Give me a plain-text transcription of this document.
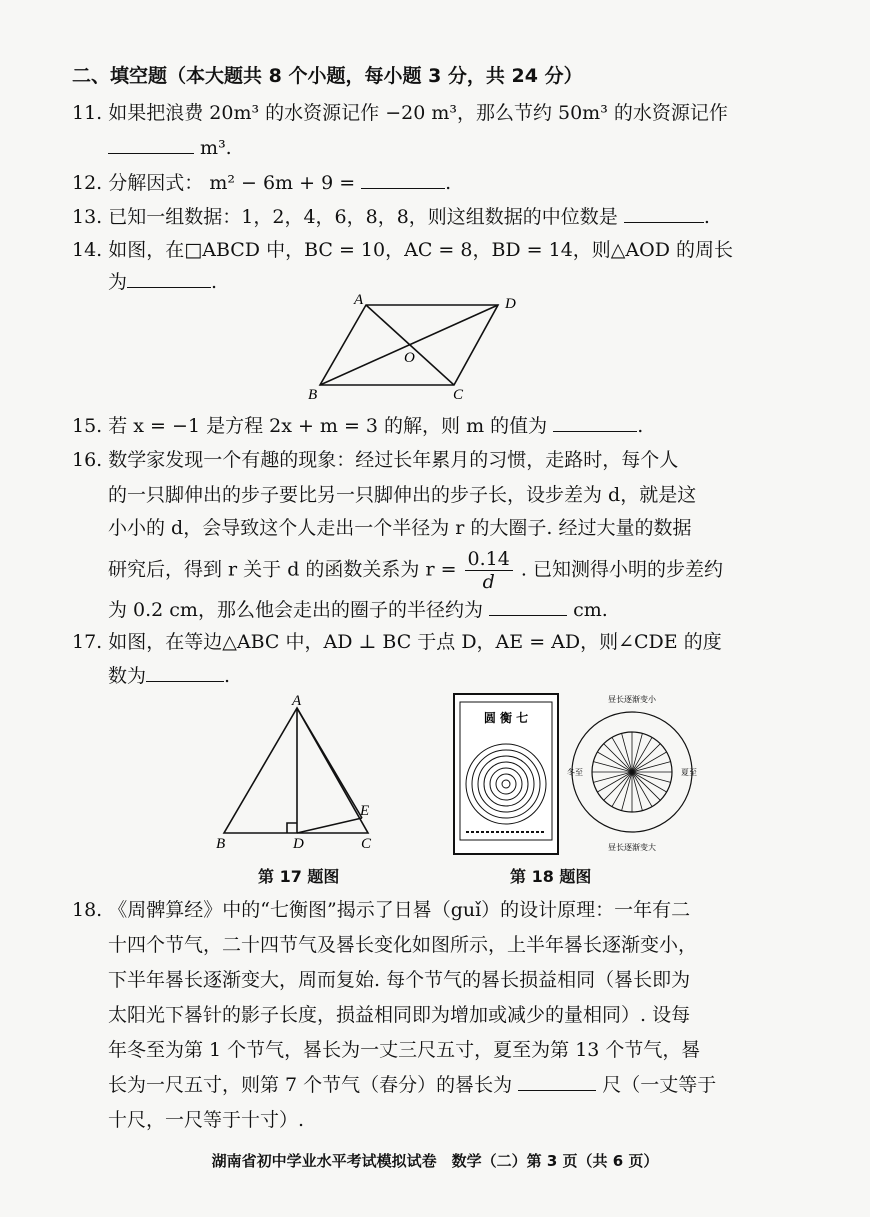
二、填空题（本大题共 8 个小题，每小题 3 分，共 24 分）
11. 如果把浪费 20m³ 的水资源记作 −20 m³，那么节约 50m³ 的水资源记作
m³.
12. 分解因式： m² − 6m + 9 =	.
13. 已知一组数据：1，2，4，6，8，8，则这组数据的中位数是	.
14. 如图，在□ABCD 中，BC = 10，AC = 8，BD = 14，则△AOD 的周长
为	.
A	D
B	C
O
15. 若 x = −1 是方程 2x + m = 3 的解，则 m 的值为	.
16. 数学家发现一个有趣的现象：经过长年累月的习惯，走路时，每个人
的一只脚伸出的步子要比另一只脚伸出的步子长，设步差为 d，就是这
小小的 d，会导致这个人走出一个半径为 r 的大圈子. 经过大量的数据
研究后，得到 r 关于 d 的函数关系为 $r = \frac{0.14}{d}$ . 已知测得小明的步差约
为 0.2 cm，那么他会走出的圈子的半径约为	cm.
17. 如图，在等边△ABC 中，AD ⊥ BC 于点 D，AE = AD，则∠CDE 的度
数为	.
A
B	D	C
E
第 17 题图
圆 衡 七
昼长逐渐变小
昼长逐渐变大
冬至	夏至
第 18 题图
18. 《周髀算经》中的“七衡图”揭示了日晷（guǐ）的设计原理：一年有二
十四个节气，二十四节气及晷长变化如图所示，上半年晷长逐渐变小，
下半年晷长逐渐变大，周而复始. 每个节气的晷长损益相同（晷长即为
太阳光下晷针的影子长度，损益相同即为增加或减少的量相同）. 设每
年冬至为第 1 个节气，晷长为一丈三尺五寸，夏至为第 13 个节气，晷
长为一尺五寸，则第 7 个节气（春分）的晷长为	尺（一丈等于
十尺，一尺等于十寸）.
湖南省初中学业水平考试模拟试卷　数学（二）第 3 页（共 6 页）
